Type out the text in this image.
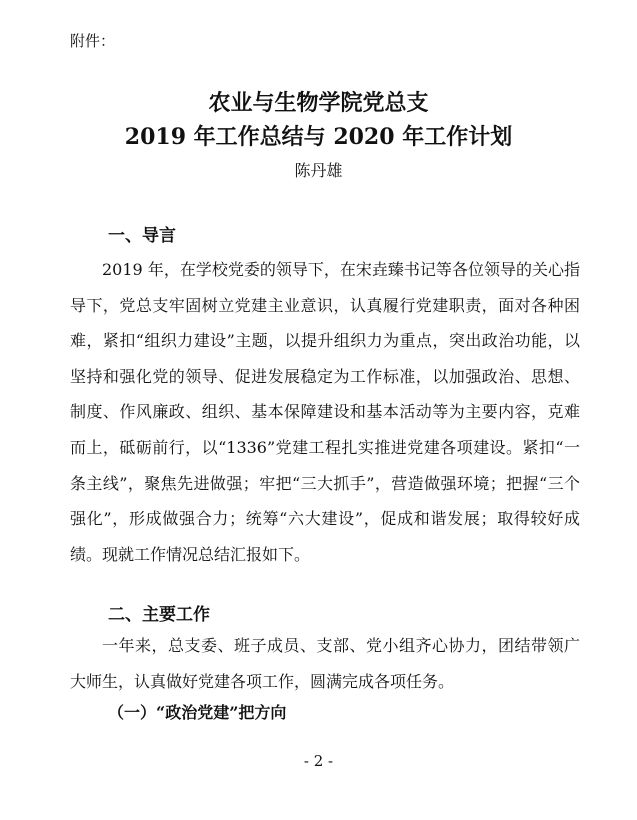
附件：
农业与生物学院党总支
2019 年工作总结与 2020 年工作计划
陈丹雄
一、导言
2019 年，在学校党委的领导下，在宋垚臻书记等各位领导的关心指导下，党总支牢固树立党建主业意识，认真履行党建职责，面对各种困难，紧扣“组织力建设”主题，以提升组织力为重点，突出政治功能，以坚持和强化党的领导、促进发展稳定为工作标准，以加强政治、思想、制度、作风廉政、组织、基本保障建设和基本活动等为主要内容，克难而上，砥砺前行，以“1336”党建工程扎实推进党建各项建设。紧扣“一条主线”，聚焦先进做强；牢把“三大抓手”，营造做强环境；把握“三个强化”，形成做强合力；统筹“六大建设”，促成和谐发展；取得较好成绩。现就工作情况总结汇报如下。
二、主要工作
一年来，总支委、班子成员、支部、党小组齐心协力，团结带领广大师生，认真做好党建各项工作，圆满完成各项任务。
（一）“政治党建”把方向
- 2 -
